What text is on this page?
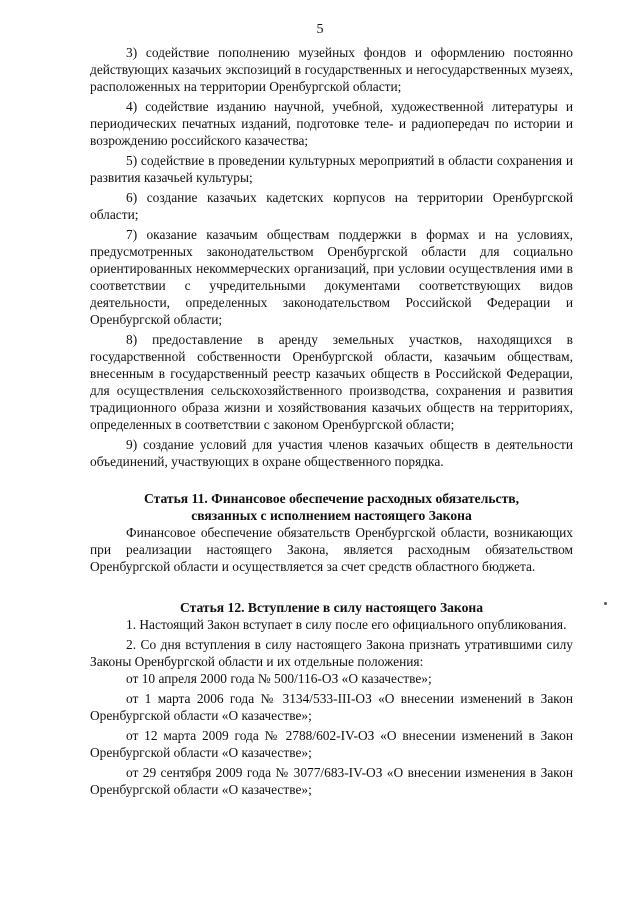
5

3) содействие пополнению музейных фондов и оформлению постоянно действующих казачьих экспозиций в государственных и негосударственных музеях, расположенных на территории Оренбургской области;

4) содействие изданию научной, учебной, художественной литературы и периодических печатных изданий, подготовке теле- и радиопередач по истории и возрождению российского казачества;

5) содействие в проведении культурных мероприятий в области сохранения и развития казачьей культуры;

6) создание казачьих кадетских корпусов на территории Оренбургской области;

7) оказание казачьим обществам поддержки в формах и на условиях, предусмотренных законодательством Оренбургской области для социально ориентированных некоммерческих организаций, при условии осуществления ими в соответствии с учредительными документами соответствующих видов деятельности, определенных законодательством Российской Федерации и Оренбургской области;

8) предоставление в аренду земельных участков, находящихся в государственной собственности Оренбургской области, казачьим обществам, внесенным в государственный реестр казачьих обществ в Российской Федерации, для осуществления сельскохозяйственного производства, сохранения и развития традиционного образа жизни и хозяйствования казачьих обществ на территориях, определенных в соответствии с законом Оренбургской области;

9) создание условий для участия членов казачьих обществ в деятельности объединений, участвующих в охране общественного порядка.

Статья 11. Финансовое обеспечение расходных обязательств,
связанных с исполнением настоящего Закона

Финансовое обеспечение обязательств Оренбургской области, возникающих при реализации настоящего Закона, является расходным обязательством Оренбургской области и осуществляется за счет средств областного бюджета.

Статья 12. Вступление в силу настоящего Закона

1. Настоящий Закон вступает в силу после его официального опубликования.

2. Со дня вступления в силу настоящего Закона признать утратившими силу Законы Оренбургской области и их отдельные положения:

от 10 апреля 2000 года № 500/116-ОЗ «О казачестве»;

от 1 марта 2006 года № 3134/533-III-ОЗ «О внесении изменений в Закон Оренбургской области «О казачестве»;

от 12 марта 2009 года № 2788/602-IV-ОЗ «О внесении изменений в Закон Оренбургской области «О казачестве»;

от 29 сентября 2009 года № 3077/683-IV-ОЗ «О внесении изменения в Закон Оренбургской области «О казачестве»;
